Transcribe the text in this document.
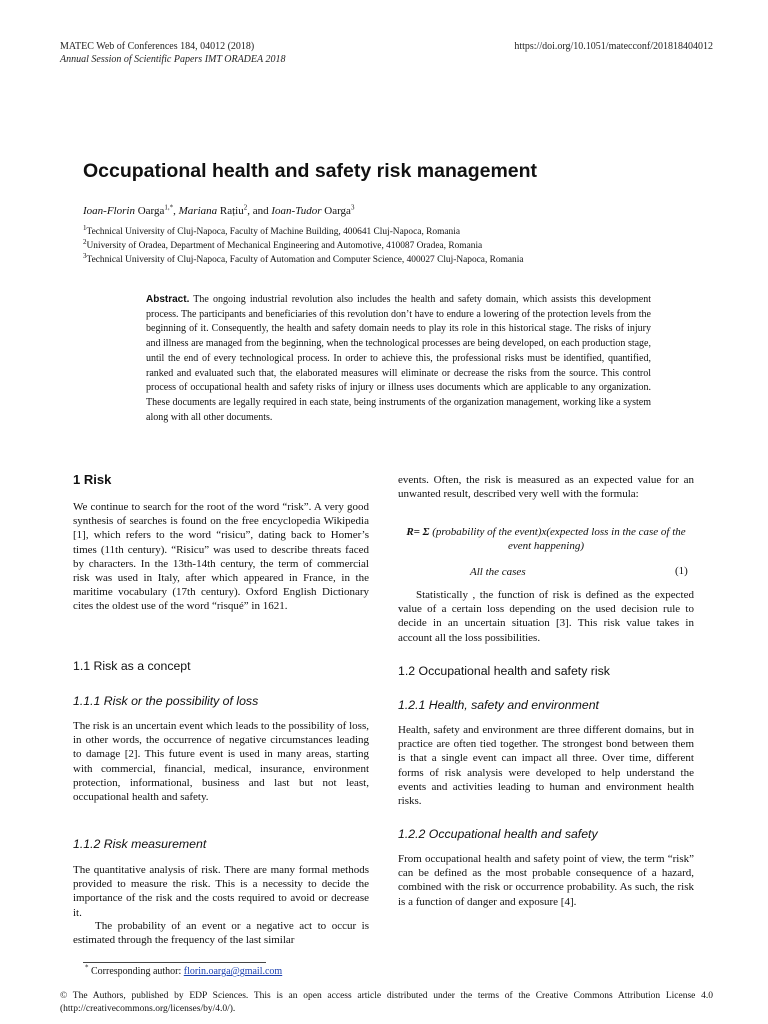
MATEC Web of Conferences 184, 04012 (2018)
Annual Session of Scientific Papers IMT ORADEA 2018
https://doi.org/10.1051/matecconf/201818404012
Occupational health and safety risk management
Ioan-Florin Oarga$^{1,*}$, Mariana Rațiu$^2$, and Ioan-Tudor Oarga$^3$
$^1$Technical University of Cluj-Napoca, Faculty of Machine Building, 400641 Cluj-Napoca, Romania
$^2$University of Oradea, Department of Mechanical Engineering and Automotive, 410087 Oradea, Romania
$^3$Technical University of Cluj-Napoca, Faculty of Automation and Computer Science, 400027 Cluj-Napoca, Romania
Abstract. The ongoing industrial revolution also includes the health and safety domain, which assists this development process. The participants and beneficiaries of this revolution don’t have to endure a lowering of the protection levels from the beginning of it. Consequently, the health and safety domain needs to play its role in this historical stage. The risks of injury and illness are managed from the beginning, when the technological processes are being developed, on each production stage, until the end of every technological process. In order to achieve this, the professional risks must be identified, quantified, ranked and evaluated such that, the elaborated measures will eliminate or decrease the risks from the source. This control process of occupational health and safety risks of injury or illness uses documents which are applicable to any organization. These documents are legally required in each state, being instruments of the organization management, working like a system along with all other documents.
1 Risk
We continue to search for the root of the word “risk”. A very good synthesis of searches is found on the free encyclopedia Wikipedia [1], which refers to the word “risicu”, dating back to Homer’s times (11th century). “Risicu” was used to describe threats faced by characters. In the 13th-14th century, the term of commercial risk was used in Italy, after which appeared in France, in the maritime vocabulary (17th century). Oxford English Dictionary cites the oldest use of the word “risqué” in 1621.
1.1 Risk as a concept
1.1.1 Risk or the possibility of loss
The risk is an uncertain event which leads to the possibility of loss, in other words, the occurrence of negative circumstances leading to damage [2]. This future event is used in many areas, starting with commercial, financial, medical, insurance, environment protection, informational, business and last but not least, occupational health and safety.
1.1.2 Risk measurement
The quantitative analysis of risk. There are many formal methods provided to measure the risk. This is a necessity to decide the importance of the risk and the costs required to avoid or decrease it.
The probability of an event or a negative act to occur is estimated through the frequency of the last similar
events. Often, the risk is measured as an expected value for an unwanted result, described very well with the formula:
R= Σ (probability of the event)x(expected loss in the case of the event happening)
All the cases	(1)
Statistically , the function of risk is defined as the expected value of a certain loss depending on the used decision rule to decide in an uncertain situation [3]. This risk value takes in account all the loss possibilities.
1.2 Occupational health and safety risk
1.2.1 Health, safety and environment
Health, safety and environment are three different domains, but in practice are often tied together. The strongest bond between them is that a single event can impact all three. Over time, different forms of risk analysis were developed to help understand the events and activities leading to human and environment health risks.
1.2.2 Occupational health and safety
From occupational health and safety point of view, the term “risk” can be defined as the most probable consequence of a hazard, combined with the risk or occurrence probability. As such, the risk is a function of danger and exposure [4].
* Corresponding author: florin.oarga@gmail.com
© The Authors, published by EDP Sciences. This is an open access article distributed under the terms of the Creative Commons Attribution License 4.0 (http://creativecommons.org/licenses/by/4.0/).
